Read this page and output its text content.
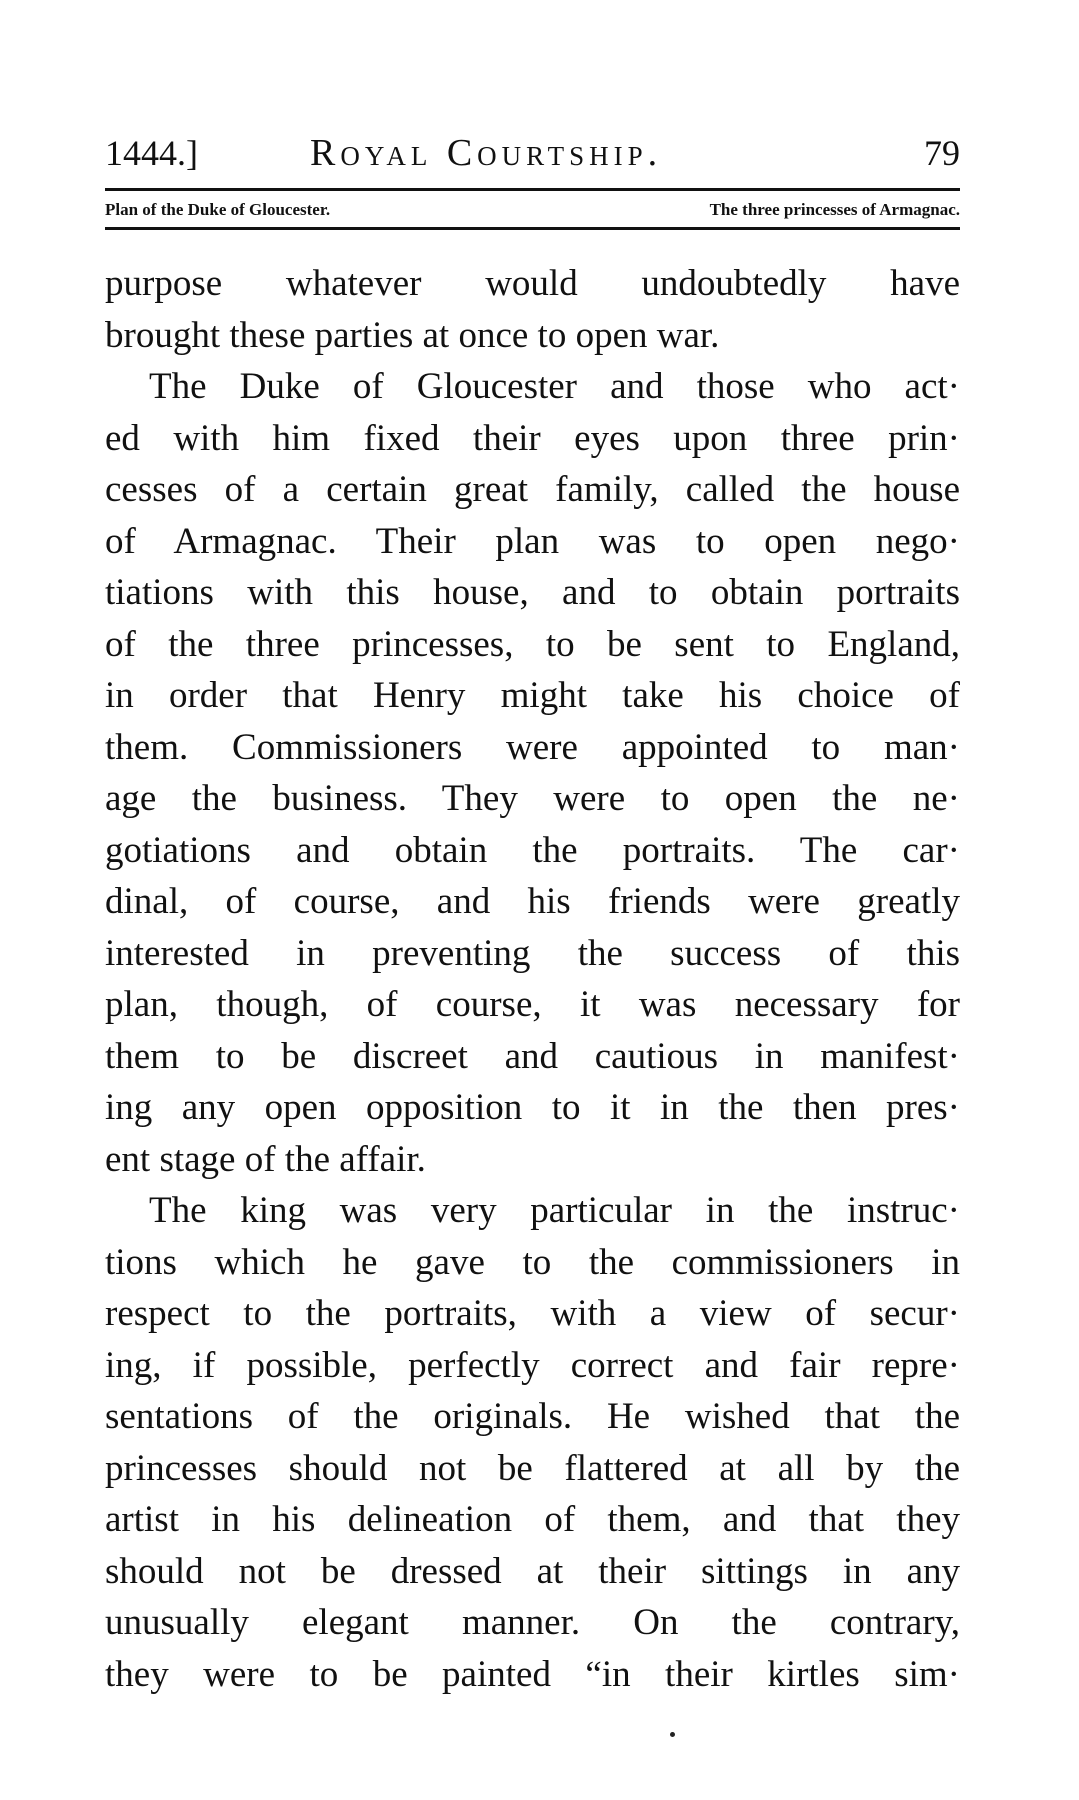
1444.]	Royal Courtship.	79
Plan of the Duke of Gloucester.	The three princesses of Armagnac.
purpose whatever would undoubtedly have
brought these parties at once to open war.
The Duke of Gloucester and those who act·
ed with him fixed their eyes upon three prin·
cesses of a certain great family, called the house
of Armagnac. Their plan was to open nego·
tiations with this house, and to obtain portraits
of the three princesses, to be sent to England,
in order that Henry might take his choice of
them. Commissioners were appointed to man·
age the business. They were to open the ne·
gotiations and obtain the portraits. The car·
dinal, of course, and his friends were greatly
interested in preventing the success of this
plan, though, of course, it was necessary for
them to be discreet and cautious in manifest·
ing any open opposition to it in the then pres·
ent stage of the affair.
The king was very particular in the instruc·
tions which he gave to the commissioners in
respect to the portraits, with a view of secur·
ing, if possible, perfectly correct and fair repre·
sentations of the originals. He wished that the
princesses should not be flattered at all by the
artist in his delineation of them, and that they
should not be dressed at their sittings in any
unusually elegant manner. On the contrary,
they were to be painted “in their kirtles sim·
